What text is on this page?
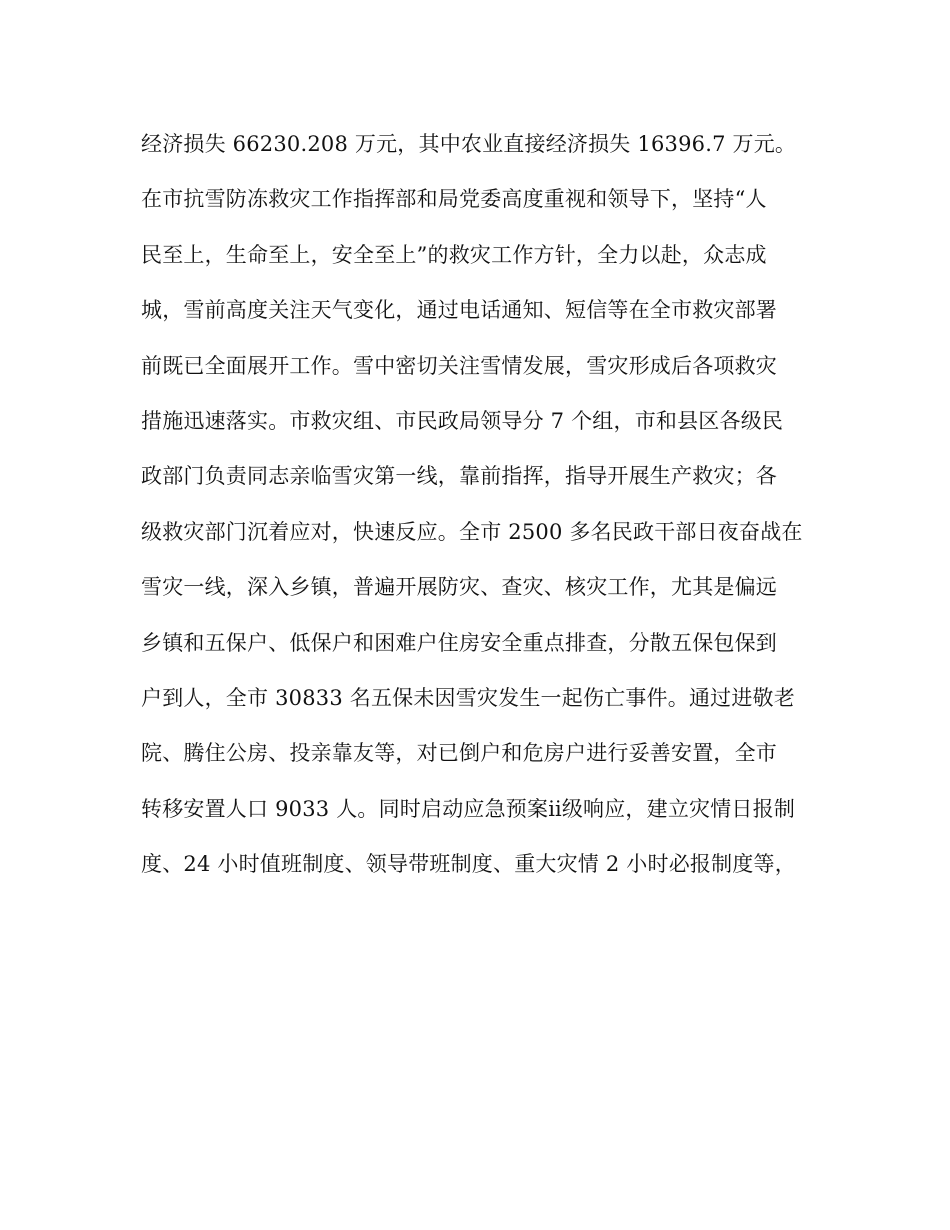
经济损失 66230.208 万元，其中农业直接经济损失 16396.7 万元。
在市抗雪防冻救灾工作指挥部和局党委高度重视和领导下，坚持“人
民至上，生命至上，安全至上”的救灾工作方针，全力以赴，众志成
城，雪前高度关注天气变化，通过电话通知、短信等在全市救灾部署
前既已全面展开工作。雪中密切关注雪情发展，雪灾形成后各项救灾
措施迅速落实。市救灾组、市民政局领导分 7 个组，市和县区各级民
政部门负责同志亲临雪灾第一线，靠前指挥，指导开展生产救灾；各
级救灾部门沉着应对，快速反应。全市 2500 多名民政干部日夜奋战在
雪灾一线，深入乡镇，普遍开展防灾、查灾、核灾工作，尤其是偏远
乡镇和五保户、低保户和困难户住房安全重点排查，分散五保包保到
户到人，全市 30833 名五保未因雪灾发生一起伤亡事件。通过进敬老
院、腾住公房、投亲靠友等，对已倒户和危房户进行妥善安置，全市
转移安置人口 9033 人。同时启动应急预案ⅱ级响应，建立灾情日报制
度、24 小时值班制度、领导带班制度、重大灾情 2 小时必报制度等，
